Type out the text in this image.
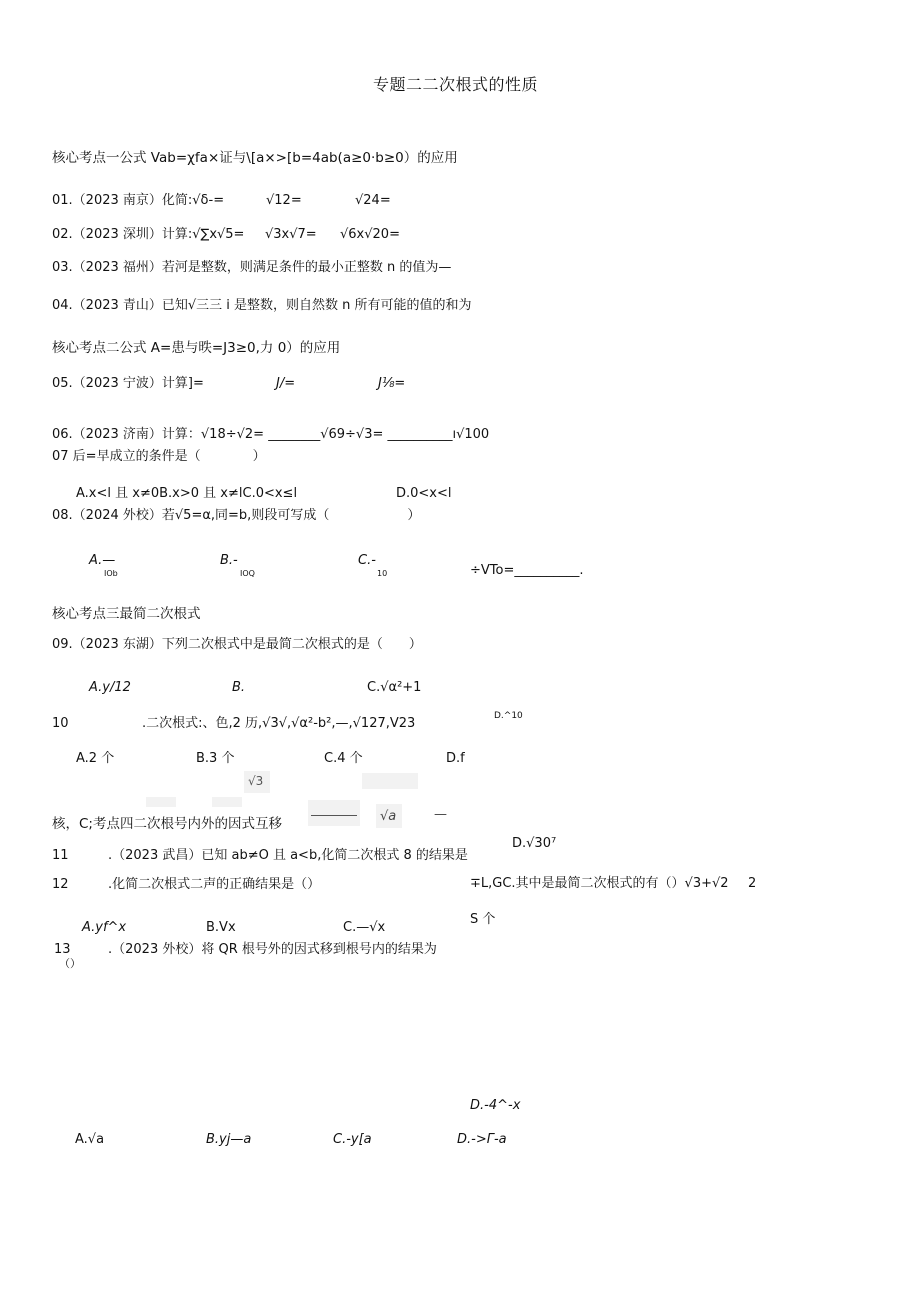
专题二二次根式的性质
核心考点一公式 Vab=χfa×证与\[a×>[b=4ab(a≥0·b≥0）的应用
01.（2023 南京）化简:√δ-=	√12=	√24=
02.（2023 深圳）计算:√∑x√5= √3x√7= √6x√20=
03.（2023 福州）若河是整数，则满足条件的最小正整数 n 的值为—
04.（2023 青山）已知√三三 i 是整数，则自然数 n 所有可能的值的和为
核心考点二公式 A=患与昳=J3≥0,力 0）的应用
05.（2023 宁波）计算]=	J/=	J⅛=
06.（2023 济南）计算：√18÷√2= ________√69÷√3= __________ı√100
07 后=早成立的条件是（　　　　）
A.x<l 且 x≠0B.x>0 且 x≠lC.0<x≤l	D.0<x<l
08.（2024 外校）若√5=α,同=b,则段可写成（　　　　　　）
A.—
IOb
B.-
IOQ
C.-
10	÷VTo=__________.
核心考点三最简二次根式
09.（2023 东湖）下列二次根式中是最简二次根式的是（　　）
A.y/12	B.	C.√α²+1
D.^10
10	.二次根式:、色,2 历,√3√,√α²-b²,—,√127,V23
A.2 个	B.3 个	C.4 个	D.f
√3
√a	—
核，C;考点四二次根号内外的因式互移
D.√30⁷
11	.（2023 武昌）已知 ab≠O 且 a<b,化简二次根式 8 的结果是
12	.化简二次根式二声的正确结果是（）	∓L,GC.其中是最简二次根式的有（）√3+√2 2
S 个
A.yf^x	B.Vx	C.—√x
13
（）
.（2023 外校）将 QR 根号外的因式移到根号内的结果为
D.-4^-x
A.√a	B.yj—a	C.-y[a	D.->Γ-a
